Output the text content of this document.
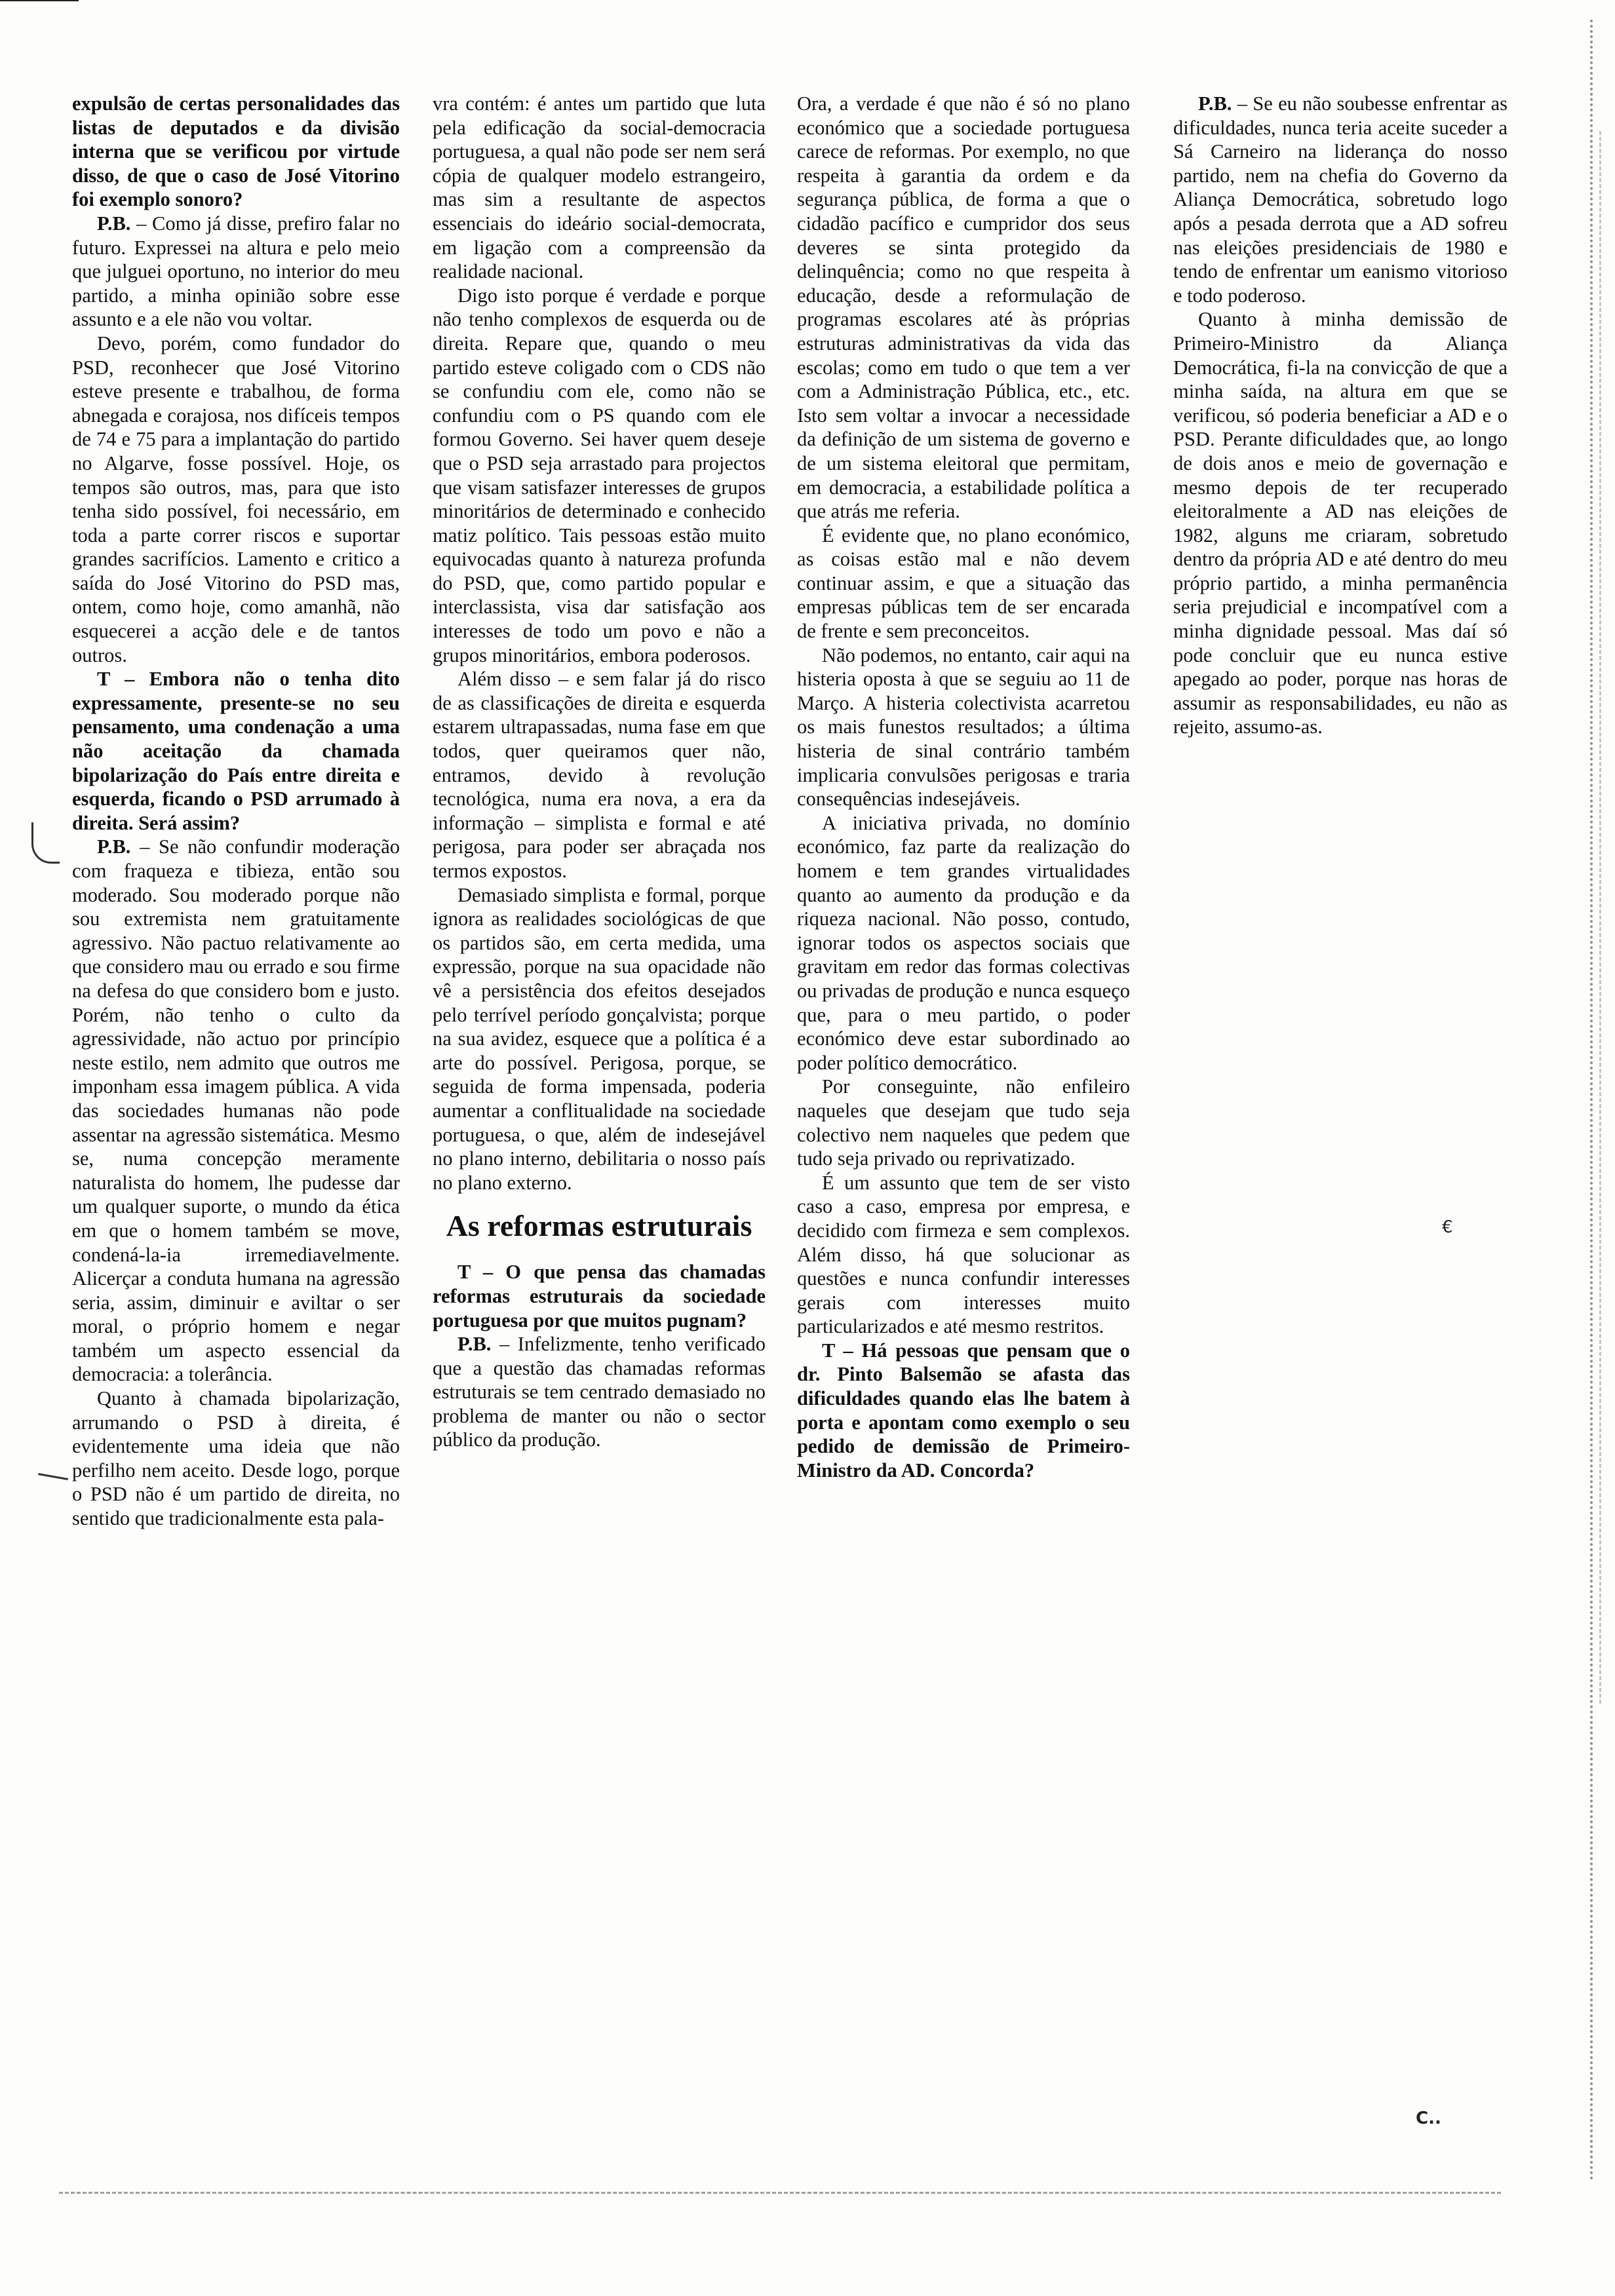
expulsão de certas personalidades das listas de deputados e da divisão interna que se verificou por virtude disso, de que o caso de José Vitorino foi exemplo sonoro?

P.B. – Como já disse, prefiro falar no futuro. Expressei na altura e pelo meio que julguei oportuno, no interior do meu partido, a minha opinião sobre esse assunto e a ele não vou voltar.

Devo, porém, como fundador do PSD, reconhecer que José Vitorino esteve presente e trabalhou, de forma abnegada e corajosa, nos difíceis tempos de 74 e 75 para a implantação do partido no Algarve, fosse possível. Hoje, os tempos são outros, mas, para que isto tenha sido possível, foi necessário, em toda a parte correr riscos e suportar grandes sacrifícios. Lamento e critico a saída do José Vitorino do PSD mas, ontem, como hoje, como amanhã, não esquecerei a acção dele e de tantos outros.

T – Embora não o tenha dito expressamente, presente-se no seu pensamento, uma condenação a uma não aceitação da chamada bipolarização do País entre direita e esquerda, ficando o PSD arrumado à direita. Será assim?

P.B. – Se não confundir moderação com fraqueza e tibieza, então sou moderado. Sou moderado porque não sou extremista nem gratuitamente agressivo. Não pactuo relativamente ao que considero mau ou errado e sou firme na defesa do que considero bom e justo. Porém, não tenho o culto da agressividade, não actuo por princípio neste estilo, nem admito que outros me imponham essa imagem pública. A vida das sociedades humanas não pode assentar na agressão sistemática. Mesmo se, numa concepção meramente naturalista do homem, lhe pudesse dar um qualquer suporte, o mundo da ética em que o homem também se move, condená-la-ia irremediavelmente. Alicerçar a conduta humana na agressão seria, assim, diminuir e aviltar o ser moral, o próprio homem e negar também um aspecto essencial da democracia: a tolerância.

Quanto à chamada bipolarização, arrumando o PSD à direita, é evidentemente uma ideia que não perfilho nem aceito. Desde logo, porque o PSD não é um partido de direita, no sentido que tradicionalmente esta pala-

vra contém: é antes um partido que luta pela edificação da social-democracia portuguesa, a qual não pode ser nem será cópia de qualquer modelo estrangeiro, mas sim a resultante de aspectos essenciais do ideário social-democrata, em ligação com a compreensão da realidade nacional.

Digo isto porque é verdade e porque não tenho complexos de esquerda ou de direita. Repare que, quando o meu partido esteve coligado com o CDS não se confundiu com ele, como não se confundiu com o PS quando com ele formou Governo. Sei haver quem deseje que o PSD seja arrastado para projectos que visam satisfazer interesses de grupos minoritários de determinado e conhecido matiz político. Tais pessoas estão muito equivocadas quanto à natureza profunda do PSD, que, como partido popular e interclassista, visa dar satisfação aos interesses de todo um povo e não a grupos minoritários, embora poderosos.

Além disso – e sem falar já do risco de as classificações de direita e esquerda estarem ultrapassadas, numa fase em que todos, quer queiramos quer não, entramos, devido à revolução tecnológica, numa era nova, a era da informação – simplista e formal e até perigosa, para poder ser abraçada nos termos expostos.

Demasiado simplista e formal, porque ignora as realidades sociológicas de que os partidos são, em certa medida, uma expressão, porque na sua opacidade não vê a persistência dos efeitos desejados pelo terrível período gonçalvista; porque na sua avidez, esquece que a política é a arte do possível. Perigosa, porque, se seguida de forma impensada, poderia aumentar a conflitualidade na sociedade portuguesa, o que, além de indesejável no plano interno, debilitaria o nosso país no plano externo.

As reformas estruturais

T – O que pensa das chamadas reformas estruturais da sociedade portuguesa por que muitos pugnam?

P.B. – Infelizmente, tenho verificado que a questão das chamadas reformas estruturais se tem centrado demasiado no problema de manter ou não o sector público da produção.

Ora, a verdade é que não é só no plano económico que a sociedade portuguesa carece de reformas. Por exemplo, no que respeita à garantia da ordem e da segurança pública, de forma a que o cidadão pacífico e cumpridor dos seus deveres se sinta protegido da delinquência; como no que respeita à educação, desde a reformulação de programas escolares até às próprias estruturas administrativas da vida das escolas; como em tudo o que tem a ver com a Administração Pública, etc., etc. Isto sem voltar a invocar a necessidade da definição de um sistema de governo e de um sistema eleitoral que permitam, em democracia, a estabilidade política a que atrás me referia.

É evidente que, no plano económico, as coisas estão mal e não devem continuar assim, e que a situação das empresas públicas tem de ser encarada de frente e sem preconceitos.

Não podemos, no entanto, cair aqui na histeria oposta à que se seguiu ao 11 de Março. A histeria colectivista acarretou os mais funestos resultados; a última histeria de sinal contrário também implicaria convulsões perigosas e traria consequências indesejáveis.

A iniciativa privada, no domínio económico, faz parte da realização do homem e tem grandes virtualidades quanto ao aumento da produção e da riqueza nacional. Não posso, contudo, ignorar todos os aspectos sociais que gravitam em redor das formas colectivas ou privadas de produção e nunca esqueço que, para o meu partido, o poder económico deve estar subordinado ao poder político democrático.

Por conseguinte, não enfileiro naqueles que desejam que tudo seja colectivo nem naqueles que pedem que tudo seja privado ou reprivatizado.

É um assunto que tem de ser visto caso a caso, empresa por empresa, e decidido com firmeza e sem complexos. Além disso, há que solucionar as questões e nunca confundir interesses gerais com interesses muito particularizados e até mesmo restritos.

T – Há pessoas que pensam que o dr. Pinto Balsemão se afasta das dificuldades quando elas lhe batem à porta e apontam como exemplo o seu pedido de demissão de Primeiro-Ministro da AD. Concorda?

P.B. – Se eu não soubesse enfrentar as dificuldades, nunca teria aceite suceder a Sá Carneiro na liderança do nosso partido, nem na chefia do Governo da Aliança Democrática, sobretudo logo após a pesada derrota que a AD sofreu nas eleições presidenciais de 1980 e tendo de enfrentar um eanismo vitorioso e todo poderoso.

Quanto à minha demissão de Primeiro-Ministro da Aliança Democrática, fi-la na convicção de que a minha saída, na altura em que se verificou, só poderia beneficiar a AD e o PSD. Perante dificuldades que, ao longo de dois anos e meio de governação e mesmo depois de ter recuperado eleitoralmente a AD nas eleições de 1982, alguns me criaram, sobretudo dentro da própria AD e até dentro do meu próprio partido, a minha permanência seria prejudicial e incompatível com a minha dignidade pessoal. Mas daí só pode concluir que eu nunca estive apegado ao poder, porque nas horas de assumir as responsabilidades, eu não as rejeito, assumo-as.

€
C..
